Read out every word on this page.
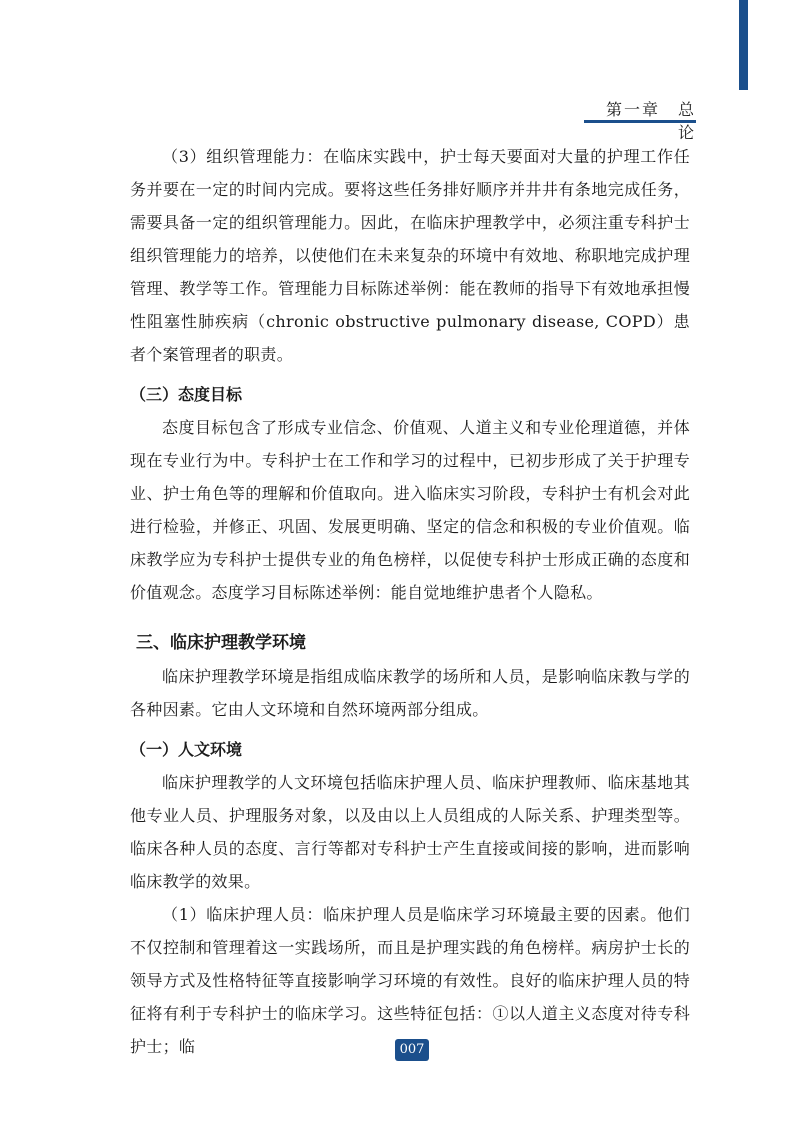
第一章　总 论

（3）组织管理能力：在临床实践中，护士每天要面对大量的护理工作任务并要在一定的时间内完成。要将这些任务排好顺序并井井有条地完成任务，需要具备一定的组织管理能力。因此，在临床护理教学中，必须注重专科护士组织管理能力的培养，以使他们在未来复杂的环境中有效地、称职地完成护理管理、教学等工作。管理能力目标陈述举例：能在教师的指导下有效地承担慢性阻塞性肺疾病（chronic obstructive pulmonary disease, COPD）患者个案管理者的职责。

（三）态度目标

态度目标包含了形成专业信念、价值观、人道主义和专业伦理道德，并体现在专业行为中。专科护士在工作和学习的过程中，已初步形成了关于护理专业、护士角色等的理解和价值取向。进入临床实习阶段，专科护士有机会对此进行检验，并修正、巩固、发展更明确、坚定的信念和积极的专业价值观。临床教学应为专科护士提供专业的角色榜样，以促使专科护士形成正确的态度和价值观念。态度学习目标陈述举例：能自觉地维护患者个人隐私。

三、临床护理教学环境

临床护理教学环境是指组成临床教学的场所和人员，是影响临床教与学的各种因素。它由人文环境和自然环境两部分组成。

（一）人文环境

临床护理教学的人文环境包括临床护理人员、临床护理教师、临床基地其他专业人员、护理服务对象，以及由以上人员组成的人际关系、护理类型等。临床各种人员的态度、言行等都对专科护士产生直接或间接的影响，进而影响临床教学的效果。

（1）临床护理人员：临床护理人员是临床学习环境最主要的因素。他们不仅控制和管理着这一实践场所，而且是护理实践的角色榜样。病房护士长的领导方式及性格特征等直接影响学习环境的有效性。良好的临床护理人员的特征将有利于专科护士的临床学习。这些特征包括：①以人道主义态度对待专科护士；临	007
